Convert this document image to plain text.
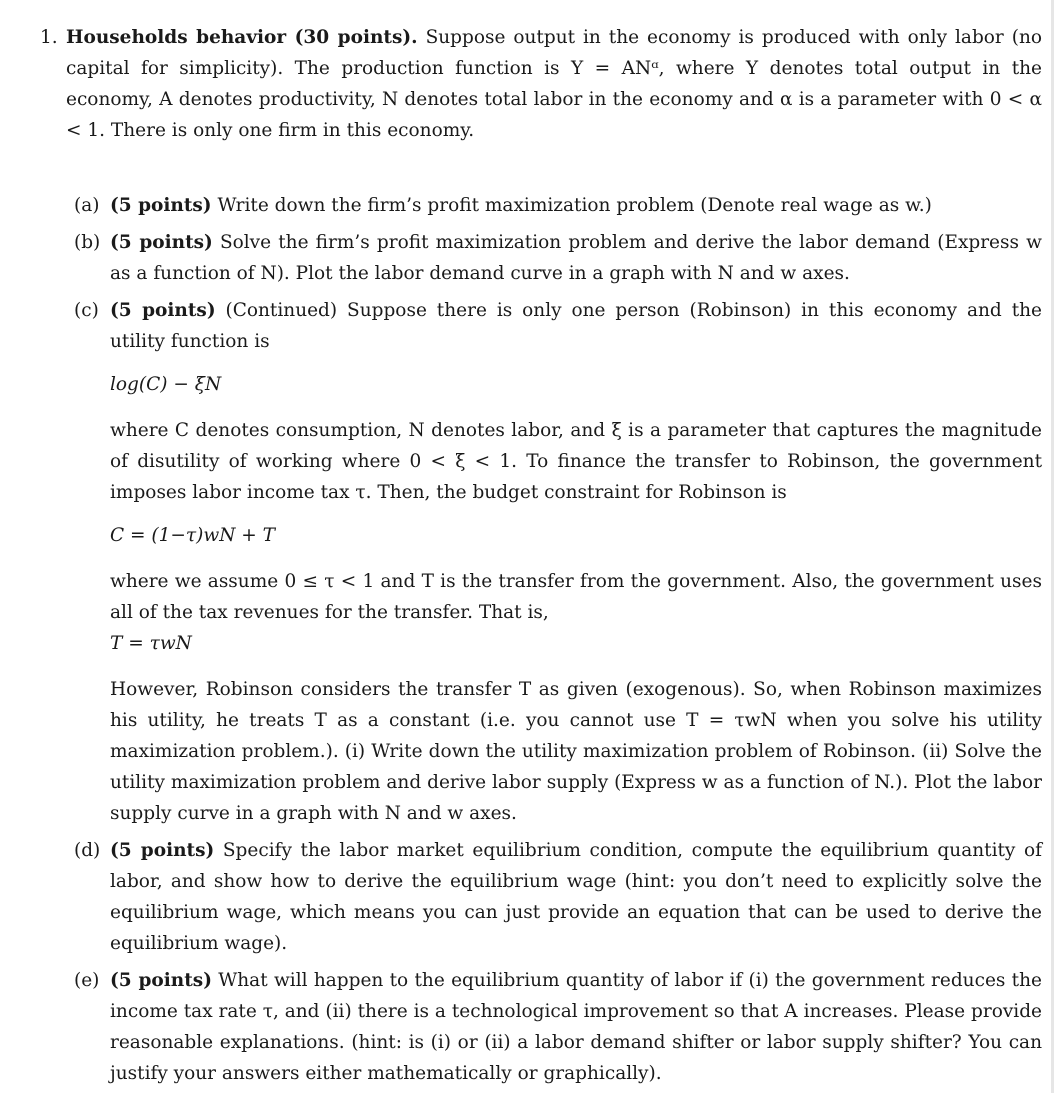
1. Households behavior (30 points). Suppose output in the economy is produced with only labor (no capital for simplicity). The production function is Y = ANᵅ, where Y denotes total output in the economy, A denotes productivity, N denotes total labor in the economy and α is a parameter with 0 < α < 1. There is only one firm in this economy.
(a) (5 points) Write down the firm’s profit maximization problem (Denote real wage as w.)
(b) (5 points) Solve the firm’s profit maximization problem and derive the labor demand (Express w as a function of N). Plot the labor demand curve in a graph with N and w axes.
(c) (5 points) (Continued) Suppose there is only one person (Robinson) in this economy and the utility function is

log(C) − ξN

where C denotes consumption, N denotes labor, and ξ is a parameter that captures the magnitude of disutility of working where 0 < ξ < 1. To finance the transfer to Robinson, the government imposes labor income tax τ. Then, the budget constraint for Robinson is

C = (1−τ)wN + T

where we assume 0 ≤ τ < 1 and T is the transfer from the government. Also, the government uses all of the tax revenues for the transfer. That is,

T = τwN

However, Robinson considers the transfer T as given (exogenous). So, when Robinson maximizes his utility, he treats T as a constant (i.e. you cannot use T = τwN when you solve his utility maximization problem.). (i) Write down the utility maximization problem of Robinson. (ii) Solve the utility maximization problem and derive labor supply (Express w as a function of N.). Plot the labor supply curve in a graph with N and w axes.

(d) (5 points) Specify the labor market equilibrium condition, compute the equilibrium quantity of labor, and show how to derive the equilibrium wage (hint: you don’t need to explicitly solve the equilibrium wage, which means you can just provide an equation that can be used to derive the equilibrium wage).
(e) (5 points) What will happen to the equilibrium quantity of labor if (i) the government reduces the income tax rate τ, and (ii) there is a technological improvement so that A increases. Please provide reasonable explanations. (hint: is (i) or (ii) a labor demand shifter or labor supply shifter? You can justify your answers either mathematically or graphically).
